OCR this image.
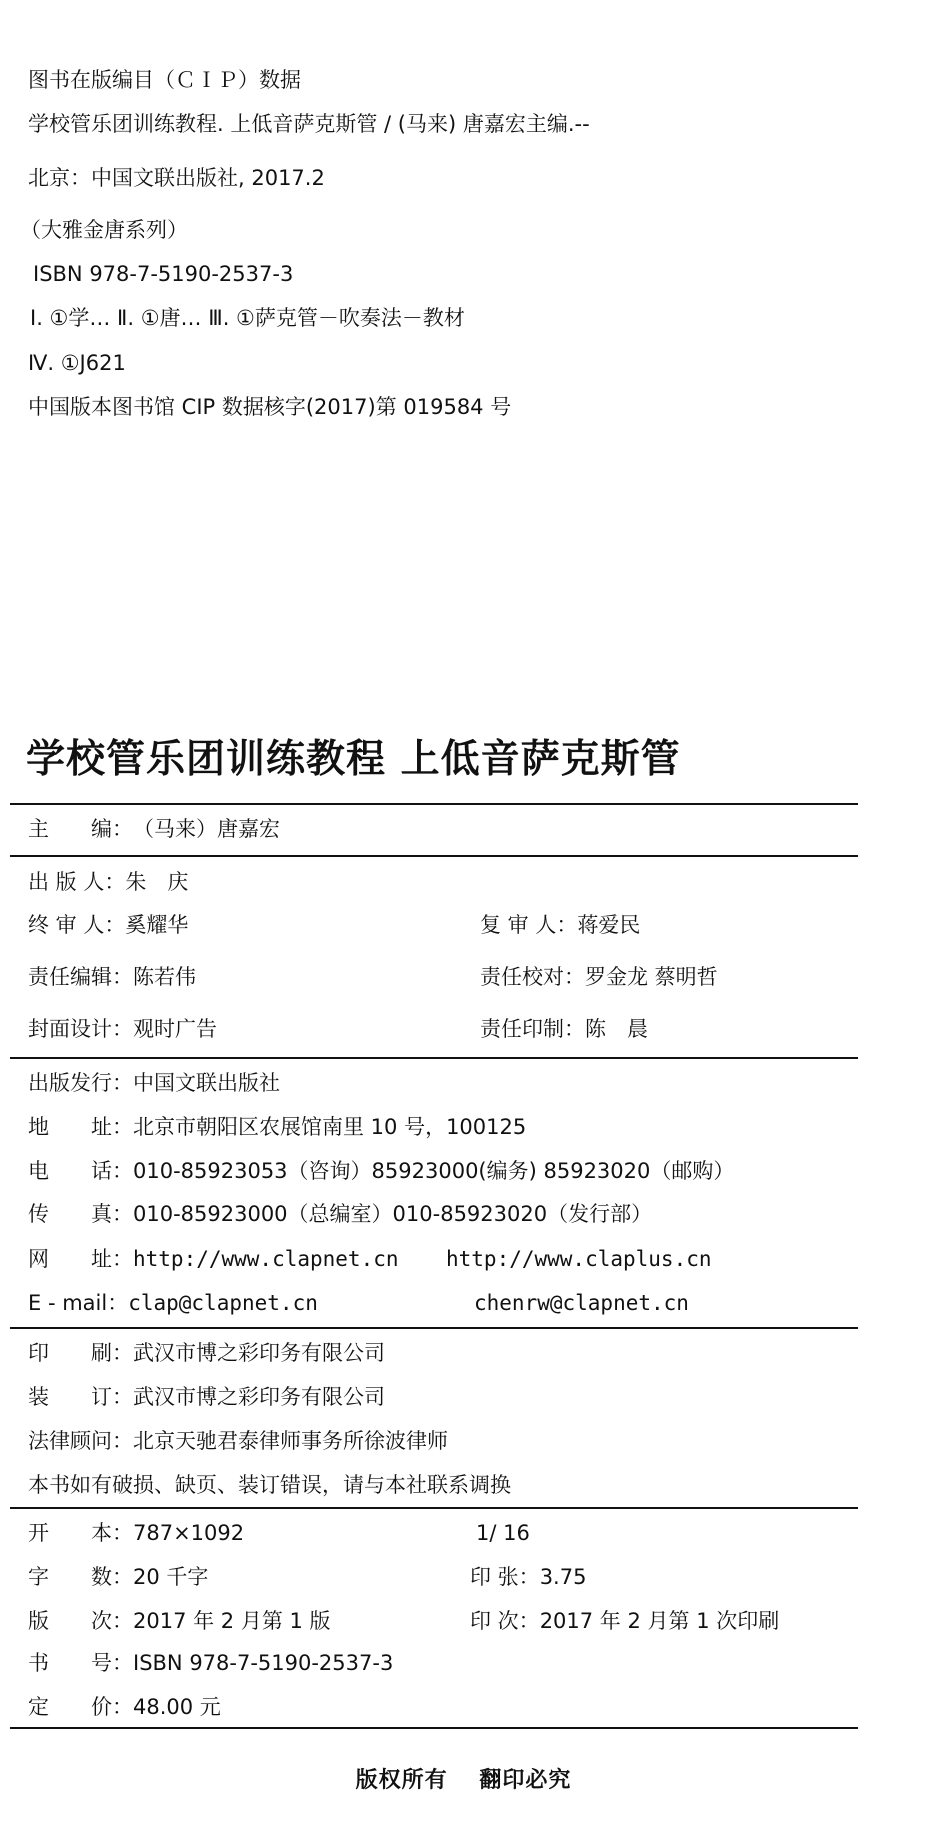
图书在版编目（ＣＩＰ）数据
学校管乐团训练教程. 上低音萨克斯管 / (马来) 唐嘉宏主编.--
北京：中国文联出版社, 2017.2
（大雅金唐系列）
ISBN 978-7-5190-2537-3
Ⅰ. ①学… Ⅱ. ①唐… Ⅲ. ①萨克管－吹奏法－教材
Ⅳ. ①J621
中国版本图书馆 CIP 数据核字(2017)第 019584 号
学校管乐团训练教程 上低音萨克斯管
主　　编：（马来）唐嘉宏
出 版 人：朱　庆
终 审 人：奚耀华	复 审 人：蒋爱民
责任编辑：陈若伟	责任校对：罗金龙 蔡明哲
封面设计：观时广告	责任印制：陈　晨
出版发行：中国文联出版社
地　　址：北京市朝阳区农展馆南里 10 号，100125
电　　话：010-85923053（咨询）85923000(编务) 85923020（邮购）
传　　真：010-85923000（总编室）010-85923020（发行部）
网　　址：http://www.clapnet.cn http://www.claplus.cn
E - mail：clap@clapnet.cn	chenrw@clapnet.cn
印　　刷：武汉市博之彩印务有限公司
装　　订：武汉市博之彩印务有限公司
法律顾问：北京天驰君泰律师事务所徐波律师
本书如有破损、缺页、装订错误，请与本社联系调换
开　　本：787×1092	1/ 16
字　　数：20 千字	印 张：3.75
版　　次：2017 年 2 月第 1 版	印 次：2017 年 2 月第 1 次印刷
书　　号：ISBN 978-7-5190-2537-3
定　　价：48.00 元
版权所有　 翻印必究
